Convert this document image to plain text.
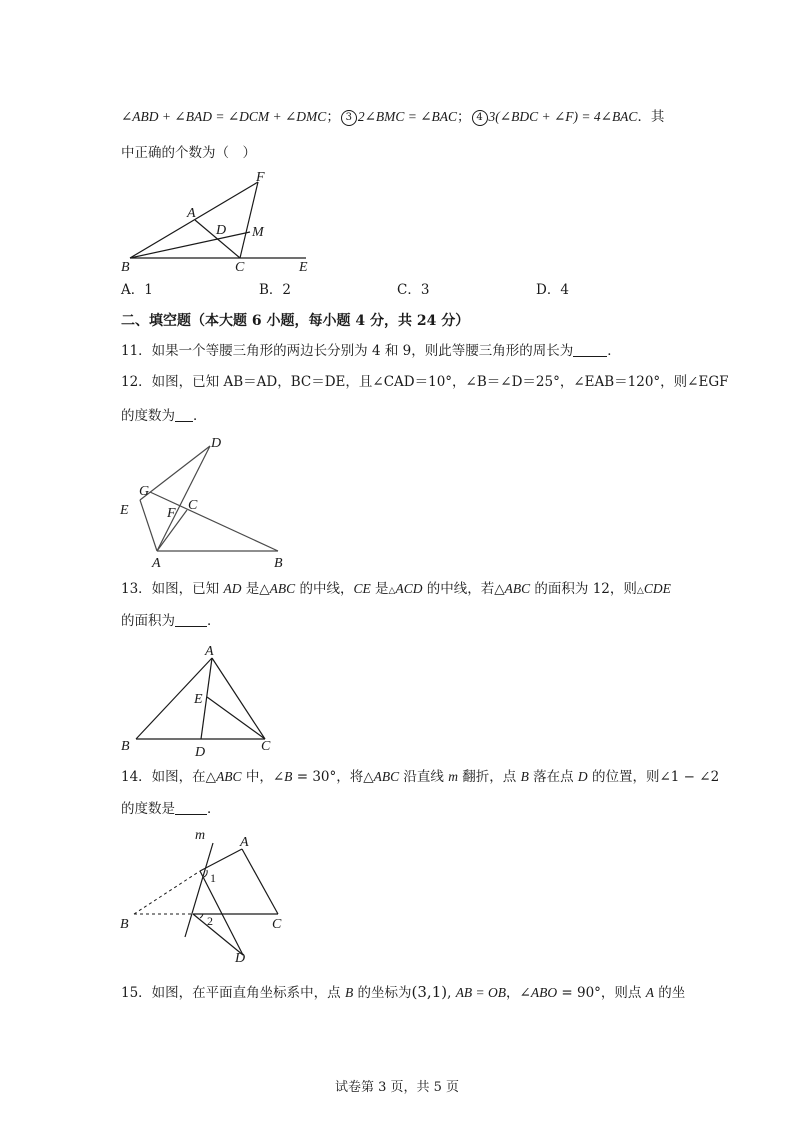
∠ABD + ∠BAD = ∠DCM + ∠DMC； 3 2∠BMC = ∠BAC； 4 3(∠BDC + ∠F) = 4∠BAC．其
中正确的个数为（　）
F
A
D M
B	C	E
A．1	B．2	C．3	D．4
二、填空题（本大题 6 小题，每小题 4 分，共 24 分）
11．如果一个等腰三角形的两边长分别为 4 和 9，则此等腰三角形的周长为	．
12．如图，已知 AB＝AD，BC＝DE，且∠CAD＝10°，∠B＝∠D＝25°，∠EAB＝120°，则∠EGF
的度数为 ．
D
G
C
E	F
A	B
13．如图，已知 AD 是△ABC 的中线，CE 是△ACD 的中线，若△ABC 的面积为 12，则△CDE
的面积为 ．
A
E
B	D	C
14．如图，在△ABC 中，∠B = 30°，将△ABC 沿直线 m 翻折，点 B 落在点 D 的位置，则∠1 − ∠2
的度数是 ．
m A
1
2
B	C
D
15．如图，在平面直角坐标系中，点 B 的坐标为(3,1), AB = OB，∠ABO = 90°，则点 A 的坐
试卷第 3 页，共 5 页
